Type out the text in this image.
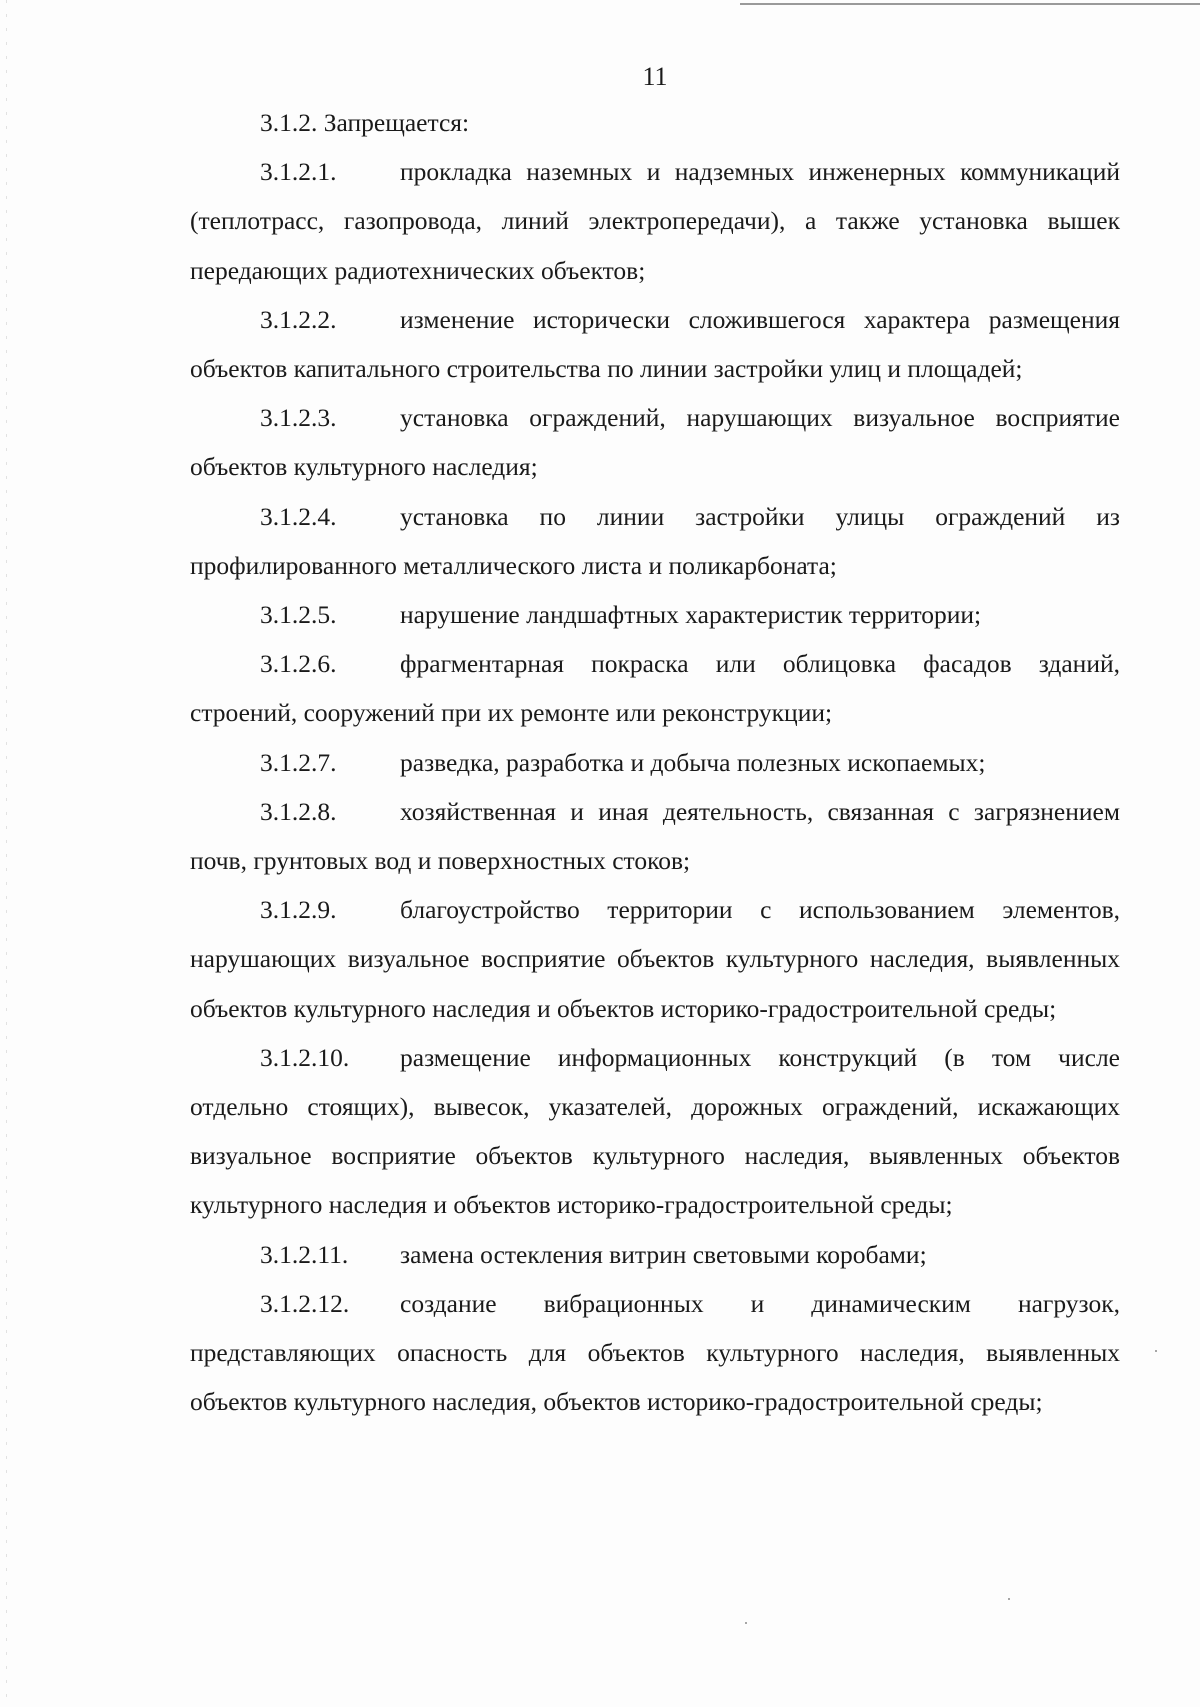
11

3.1.2. Запрещается:

3.1.2.1. прокладка наземных и надземных инженерных коммуникаций (теплотрасс, газопровода, линий электропередачи), а также установка вышек передающих радиотехнических объектов;

3.1.2.2. изменение исторически сложившегося характера размещения объектов капитального строительства по линии застройки улиц и площадей;

3.1.2.3. установка ограждений, нарушающих визуальное восприятие объектов культурного наследия;

3.1.2.4. установка по линии застройки улицы ограждений из профилированного металлического листа и поликарбоната;

3.1.2.5. нарушение ландшафтных характеристик территории;

3.1.2.6. фрагментарная покраска или облицовка фасадов зданий, строений, сооружений при их ремонте или реконструкции;

3.1.2.7. разведка, разработка и добыча полезных ископаемых;

3.1.2.8. хозяйственная и иная деятельность, связанная с загрязнением почв, грунтовых вод и поверхностных стоков;

3.1.2.9. благоустройство территории с использованием элементов, нарушающих визуальное восприятие объектов культурного наследия, выявленных объектов культурного наследия и объектов историко-градостроительной среды;

3.1.2.10. размещение информационных конструкций (в том числе отдельно стоящих), вывесок, указателей, дорожных ограждений, искажающих визуальное восприятие объектов культурного наследия, выявленных объектов культурного наследия и объектов историко-градостроительной среды;

3.1.2.11. замена остекления витрин световыми коробами;

3.1.2.12. создание вибрационных и динамическим нагрузок, представляющих опасность для объектов культурного наследия, выявленных объектов культурного наследия, объектов историко-градостроительной среды;
